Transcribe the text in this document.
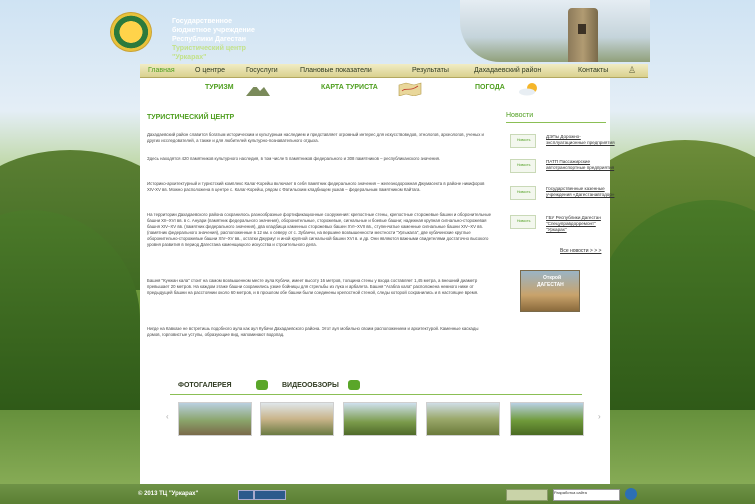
Государственное
бюджетное учреждение
Республики Дагестан
Туристический центр
"Уркарах"
Главная	О центре	Госуслуги	Плановые показатели	Результаты	Дахадаевский район	Контакты ♙
ТУРИЗМ	КАРТА ТУРИСТА	ПОГОДА
ТУРИСТИЧЕСКИЙ ЦЕНТР
Дахадаевский район славится богатым историческим и культурным наследием и представляет огромный интерес для искусствоведов, этнологов, археологов, ученых и других исследователей, а также и для любителей культурно-познавательного отдыха.
Здесь находятся 420 памятников культурного наследия, в том числе 5 памятников федерального и 308 памятников – республиканского значения.
Историко-архитектурный и туристский комплекс Калаг-Корейш включает в себя памятник федерального значения – железнодорожная Джумасекта в районе никифоров XIV-XV вв. Можно расположена в центре с. Калаг-Корейш, рядом с Фатильским кладбищем ушкав – федеральным памятником Кайтага.
На территории Дахадаевского района сохранилось разнообразные фортификационные сооружения: крепостные стены, крепостные сторожевые башни и оборонительные башни XII–XVI вв. в с. Ануари (памятник федерального значения), оборонительные, сторожевые, сигнальные и боевые башни; надежная крупная сигнально-сторожевая башня XIV–XV вв. (памятник федерального значения), два кладбища каменных сторожевых башен XVI–XVII вв., ступенчатые каменные сигнальные башни XIV–XV вв. (памятник федерального значения), расположенные в 12 км. к северу от с. Зубанчи, на вершине возвышенности местности "Ургыкала", две кубачинские круглые оборонительно-сторожевые башни XIV–XV вв., остатки Джурмуг и иной крупной сигнальной башни XVI в. и др. Они являются важными свидетелями достаточно высокого уровня развития в период Дагестана каменщицкого искусства и строительного дела.
Башня "Кунжан кала" стоит на самом возвышенном месте аула Кубачи, имеет высоту 16 метров, толщина стены у входа составляет 1,45 метра, а внешний диаметр превышает 20 метров. На каждом этаже башни сохранились узкие бойницы для стрельбы из лука и арбалета. Башня "Агабла кала" расположена немного ниже от предыдущей башни на расстоянии около 60 метров, и в прошлом обе башни были соединены крепостной стеной, следы которой сохранились и в настоящее время.
Нигде на Кавказе не встретишь подобного аула как аул Кубачи Дахадаевского района. Этот аул мобильно своим расположением и архитектурой. Каменные каскады домов, горловистые уступы, образующие вид, напоминают водопад.
Новости
Новость
ДЭПы Дорожно-эксплуатационные предприятия
Новость
ПАТП Пассажирские автотранспортные предприятия
Новость
Государственные казенные учреждения «Дагестанавтодор»
Новость
ГБУ Республики Дагестан "Спецуправдорремонт" "Уркарах"
Все новости > > >
Открой
ДАГЕСТАН
ФОТОГАЛЕРЕЯ	ВИДЕООБЗОРЫ
‹	›
© 2013 ТЦ "Уркарах"	Разработка сайта
